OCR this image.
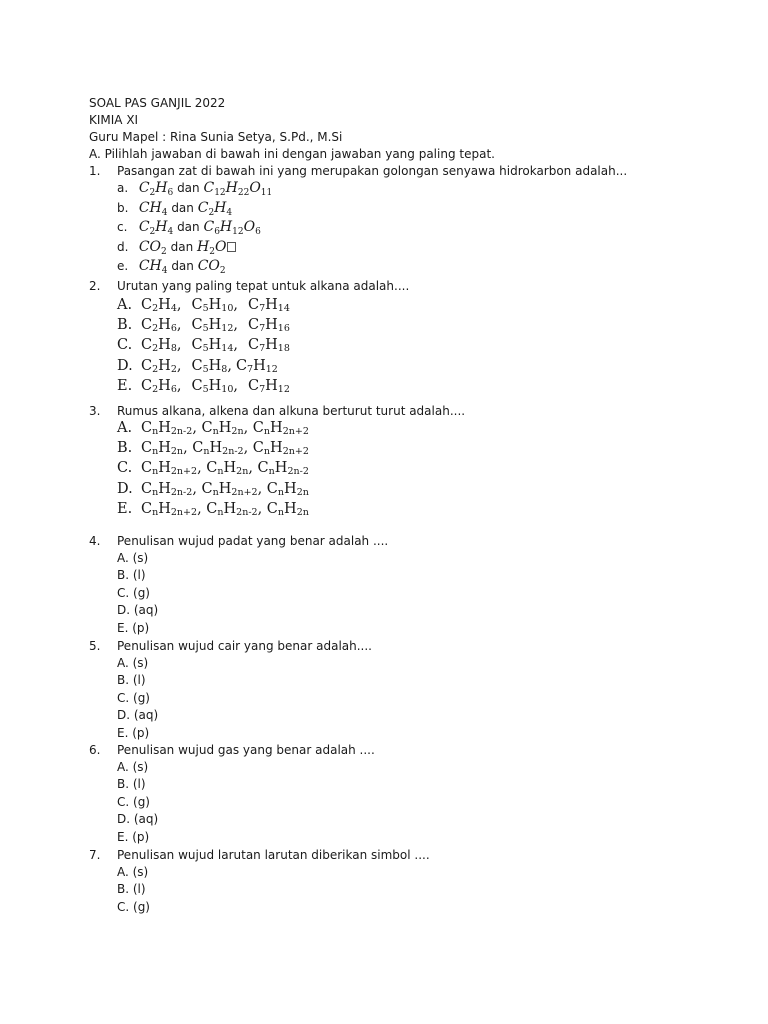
SOAL PAS GANJIL 2022
KIMIA XI
Guru Mapel : Rina Sunia Setya, S.Pd., M.Si
A. Pilihlah jawaban di bawah ini dengan jawaban yang paling tepat.
1.	Pasangan zat di bawah ini yang merupakan golongan senyawa hidrokarbon adalah...
a. $C_2H_6$ dan $C_{12}H_{22}O_{11}$
b. $CH_4$ dan $C_2H_4$
c. $C_2H_4$ dan $C_6H_{12}O_6$
d. $CO_2$ dan $H_2O$
e. $CH_4$ dan $CO_2$
2.	Urutan yang paling tepat untuk alkana adalah....
A. $C_2H_4$, $C_5H_{10}$, $C_7H_{14}$
B. $C_2H_6$, $C_5H_{12}$, $C_7H_{16}$
C. $C_2H_8$, $C_5H_{14}$, $C_7H_{18}$
D. $C_2H_2$, $C_5H_8$, $C_7H_{12}$
E. $C_2H_6$, $C_5H_{10}$, $C_7H_{12}$
3.	Rumus alkana, alkena dan alkuna berturut turut adalah....
A. $C_nH_{2n-2}$, $C_nH_{2n}$, $C_nH_{2n+2}$
B. $C_nH_{2n}$, $C_nH_{2n-2}$, $C_nH_{2n+2}$
C. $C_nH_{2n+2}$, $C_nH_{2n}$, $C_nH_{2n-2}$
D. $C_nH_{2n-2}$, $C_nH_{2n+2}$, $C_nH_{2n}$
E. $C_nH_{2n+2}$, $C_nH_{2n-2}$, $C_nH_{2n}$
4.	Penulisan wujud padat yang benar adalah ....
A. (s)
B. (l)
C. (g)
D. (aq)
E. (p)
5.	Penulisan wujud cair yang benar adalah....
A. (s)
B. (l)
C. (g)
D. (aq)
E. (p)
6.	Penulisan wujud gas yang benar adalah ....
A. (s)
B. (l)
C. (g)
D. (aq)
E. (p)
7.	Penulisan wujud larutan larutan diberikan simbol ....
A. (s)
B. (l)
C. (g)
